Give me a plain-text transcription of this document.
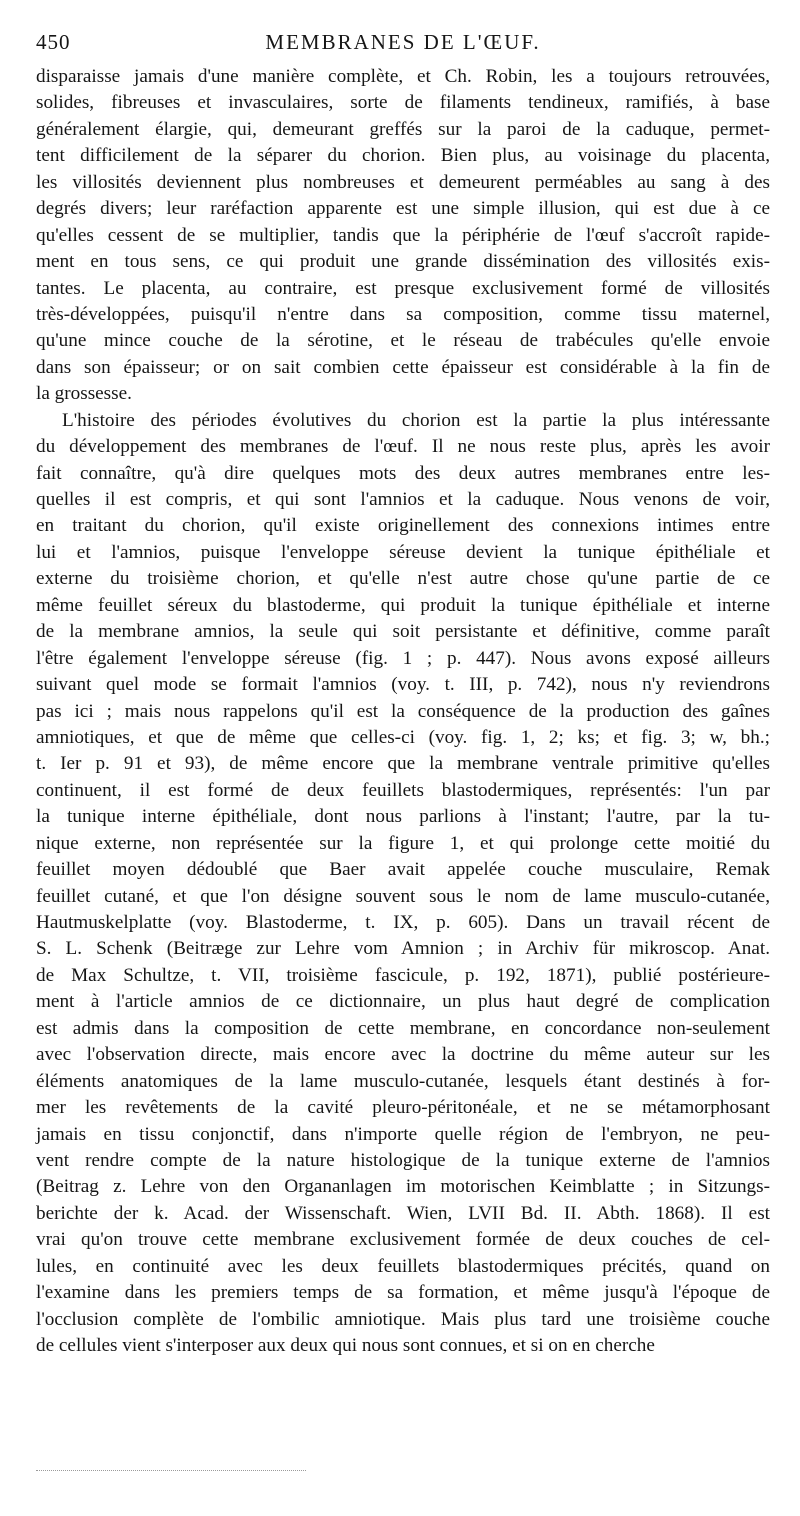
450	MEMBRANES DE L'ŒUF.
disparaisse jamais d'une manière complète, et Ch. Robin, les a toujours retrouvées,
solides, fibreuses et invasculaires, sorte de filaments tendineux, ramifiés, à base
généralement élargie, qui, demeurant greffés sur la paroi de la caduque, permet-
tent difficilement de la séparer du chorion. Bien plus, au voisinage du placenta,
les villosités deviennent plus nombreuses et demeurent perméables au sang à des
degrés divers; leur raréfaction apparente est une simple illusion, qui est due à ce
qu'elles cessent de se multiplier, tandis que la périphérie de l'œuf s'accroît rapide-
ment en tous sens, ce qui produit une grande dissémination des villosités exis-
tantes. Le placenta, au contraire, est presque exclusivement formé de villosités
très-développées, puisqu'il n'entre dans sa composition, comme tissu maternel,
qu'une mince couche de la sérotine, et le réseau de trabécules qu'elle envoie
dans son épaisseur; or on sait combien cette épaisseur est considérable à la fin de
la grossesse.
L'histoire des périodes évolutives du chorion est la partie la plus intéressante
du développement des membranes de l'œuf. Il ne nous reste plus, après les avoir
fait connaître, qu'à dire quelques mots des deux autres membranes entre les-
quelles il est compris, et qui sont l'amnios et la caduque. Nous venons de voir,
en traitant du chorion, qu'il existe originellement des connexions intimes entre
lui et l'amnios, puisque l'enveloppe séreuse devient la tunique épithéliale et
externe du troisième chorion, et qu'elle n'est autre chose qu'une partie de ce
même feuillet séreux du blastoderme, qui produit la tunique épithéliale et interne
de la membrane amnios, la seule qui soit persistante et définitive, comme paraît
l'être également l'enveloppe séreuse (fig. 1 ; p. 447). Nous avons exposé ailleurs
suivant quel mode se formait l'amnios (voy. t. III, p. 742), nous n'y reviendrons
pas ici ; mais nous rappelons qu'il est la conséquence de la production des gaînes
amniotiques, et que de même que celles-ci (voy. fig. 1, 2; ks; et fig. 3; w, bh.;
t. Ier p. 91 et 93), de même encore que la membrane ventrale primitive qu'elles
continuent, il est formé de deux feuillets blastodermiques, représentés: l'un par
la tunique interne épithéliale, dont nous parlions à l'instant; l'autre, par la tu-
nique externe, non représentée sur la figure 1, et qui prolonge cette moitié du
feuillet moyen dédoublé que Baer avait appelée couche musculaire, Remak
feuillet cutané, et que l'on désigne souvent sous le nom de lame musculo-cutanée,
Hautmuskelplatte (voy. Blastoderme, t. IX, p. 605). Dans un travail récent de
S. L. Schenk (Beitræge zur Lehre vom Amnion ; in Archiv für mikroscop. Anat.
de Max Schultze, t. VII, troisième fascicule, p. 192, 1871), publié postérieure-
ment à l'article amnios de ce dictionnaire, un plus haut degré de complication
est admis dans la composition de cette membrane, en concordance non-seulement
avec l'observation directe, mais encore avec la doctrine du même auteur sur les
éléments anatomiques de la lame musculo-cutanée, lesquels étant destinés à for-
mer les revêtements de la cavité pleuro-péritonéale, et ne se métamorphosant
jamais en tissu conjonctif, dans n'importe quelle région de l'embryon, ne peu-
vent rendre compte de la nature histologique de la tunique externe de l'amnios
(Beitrag z. Lehre von den Organanlagen im motorischen Keimblatte ; in Sitzungs-
berichte der k. Acad. der Wissenschaft. Wien, LVII Bd. II. Abth. 1868). Il est
vrai qu'on trouve cette membrane exclusivement formée de deux couches de cel-
lules, en continuité avec les deux feuillets blastodermiques précités, quand on
l'examine dans les premiers temps de sa formation, et même jusqu'à l'époque de
l'occlusion complète de l'ombilic amniotique. Mais plus tard une troisième couche
de cellules vient s'interposer aux deux qui nous sont connues, et si on en cherche
